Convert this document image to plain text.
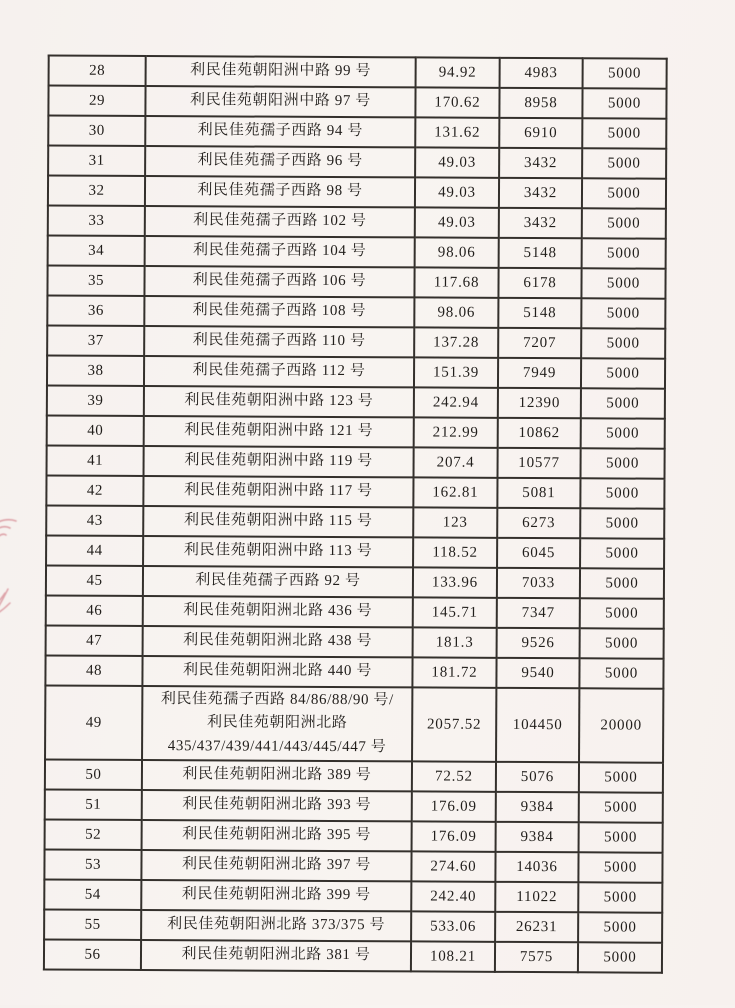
28	利民佳苑朝阳洲中路 99 号	94.92	4983	5000
29	利民佳苑朝阳洲中路 97 号	170.62	8958	5000
30	利民佳苑孺子西路 94 号	131.62	6910	5000
31	利民佳苑孺子西路 96 号	49.03	3432	5000
32	利民佳苑孺子西路 98 号	49.03	3432	5000
33	利民佳苑孺子西路 102 号	49.03	3432	5000
34	利民佳苑孺子西路 104 号	98.06	5148	5000
35	利民佳苑孺子西路 106 号	117.68	6178	5000
36	利民佳苑孺子西路 108 号	98.06	5148	5000
37	利民佳苑孺子西路 110 号	137.28	7207	5000
38	利民佳苑孺子西路 112 号	151.39	7949	5000
39	利民佳苑朝阳洲中路 123 号	242.94	12390	5000
40	利民佳苑朝阳洲中路 121 号	212.99	10862	5000
41	利民佳苑朝阳洲中路 119 号	207.4	10577	5000
42	利民佳苑朝阳洲中路 117 号	162.81	5081	5000
43	利民佳苑朝阳洲中路 115 号	123	6273	5000
44	利民佳苑朝阳洲中路 113 号	118.52	6045	5000
45	利民佳苑孺子西路 92 号	133.96	7033	5000
46	利民佳苑朝阳洲北路 436 号	145.71	7347	5000
47	利民佳苑朝阳洲北路 438 号	181.3	9526	5000
48	利民佳苑朝阳洲北路 440 号	181.72	9540	5000
49	利民佳苑孺子西路 84/86/88/90 号/
利民佳苑朝阳洲北路
435/437/439/441/443/445/447 号	2057.52	104450	20000
50	利民佳苑朝阳洲北路 389 号	72.52	5076	5000
51	利民佳苑朝阳洲北路 393 号	176.09	9384	5000
52	利民佳苑朝阳洲北路 395 号	176.09	9384	5000
53	利民佳苑朝阳洲北路 397 号	274.60	14036	5000
54	利民佳苑朝阳洲北路 399 号	242.40	11022	5000
55	利民佳苑朝阳洲北路 373/375 号	533.06	26231	5000
56	利民佳苑朝阳洲北路 381 号	108.21	7575	5000
